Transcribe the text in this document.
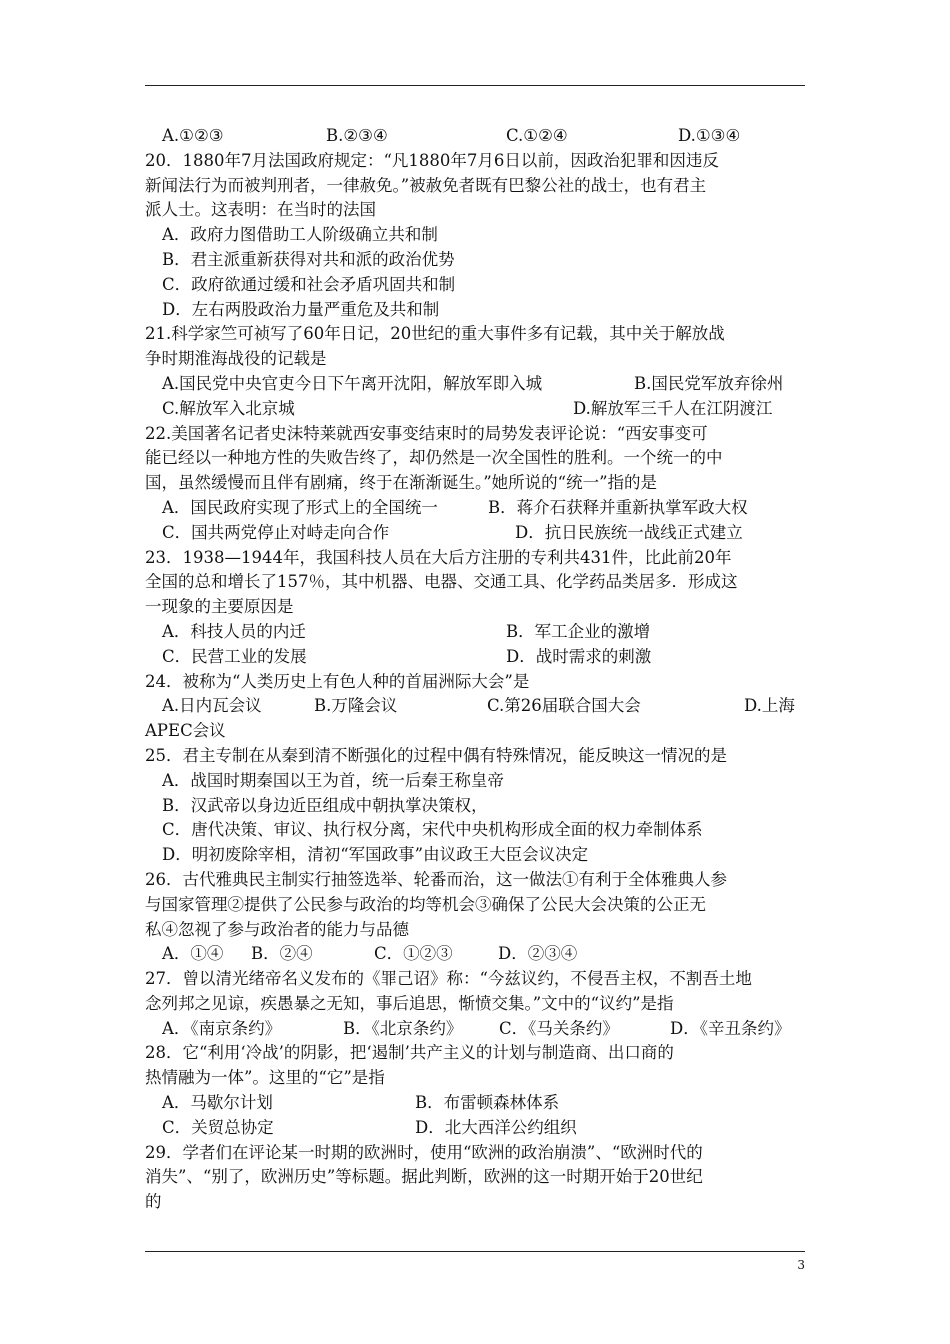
A.①②③	B.②③④	C.①②④	D.①③④
20．1880年7月法国政府规定：“凡1880年7月6日以前，因政治犯罪和因违反
新闻法行为而被判刑者，一律赦免。”被赦免者既有巴黎公社的战士，也有君主
派人士。这表明：在当时的法国
A．政府力图借助工人阶级确立共和制
B．君主派重新获得对共和派的政治优势
C．政府欲通过缓和社会矛盾巩固共和制
D．左右两股政治力量严重危及共和制
21.科学家竺可祯写了60年日记，20世纪的重大事件多有记载，其中关于解放战
争时期淮海战役的记载是
A.国民党中央官吏今日下午离开沈阳，解放军即入城	B.国民党军放弃徐州
C.解放军入北京城	D.解放军三千人在江阴渡江
22.美国著名记者史沫特莱就西安事变结束时的局势发表评论说：“西安事变可
能已经以一种地方性的失败告终了，却仍然是一次全国性的胜利。一个统一的中
国，虽然缓慢而且伴有剧痛，终于在渐渐诞生。”她所说的“统一”指的是
A．国民政府实现了形式上的全国统一	B．蒋介石获释并重新执掌军政大权
C．国共两党停止对峙走向合作	D．抗日民族统一战线正式建立
23．1938—1944年，我国科技人员在大后方注册的专利共431件，比此前20年
全国的总和增长了157％，其中机器、电器、交通工具、化学药品类居多．形成这
一现象的主要原因是
A．科技人员的内迁	B．军工企业的激增
C．民营工业的发展	D．战时需求的刺激
24．被称为“人类历史上有色人种的首届洲际大会”是
A.日内瓦会议	B.万隆会议	C.第26届联合国大会	D.上海
APEC会议
25．君主专制在从秦到清不断强化的过程中偶有特殊情况，能反映这一情况的是
A．战国时期秦国以王为首，统一后秦王称皇帝
B．汉武帝以身边近臣组成中朝执掌决策权，
C．唐代决策、审议、执行权分离，宋代中央机构形成全面的权力牵制体系
D．明初废除宰相，清初“军国政事”由议政王大臣会议决定
26．古代雅典民主制实行抽签选举、轮番而治，这一做法①有利于全体雅典人参
与国家管理②提供了公民参与政治的均等机会③确保了公民大会决策的公正无
私④忽视了参与政治者的能力与品德
A．①④ B．②④	C．①②③	D．②③④
27．曾以清光绪帝名义发布的《罪己诏》称：“今兹议约，不侵吾主权，不割吾土地
念列邦之见谅，疾愚暴之无知，事后追思，惭愤交集。”文中的“议约”是指
A．《南京条约》	B．《北京条约》 C．《马关条约》	D．《辛丑条约》
28．它“利用‘冷战’的阴影，把‘遏制’共产主义的计划与制造商、出口商的
热情融为一体”。这里的“它”是指
A．马歇尔计划	B．布雷顿森林体系
C．关贸总协定	D．北大西洋公约组织
29．学者们在评论某一时期的欧洲时，使用“欧洲的政治崩溃”、“欧洲时代的
消失”、“别了，欧洲历史”等标题。据此判断，欧洲的这一时期开始于20世纪
的
3
